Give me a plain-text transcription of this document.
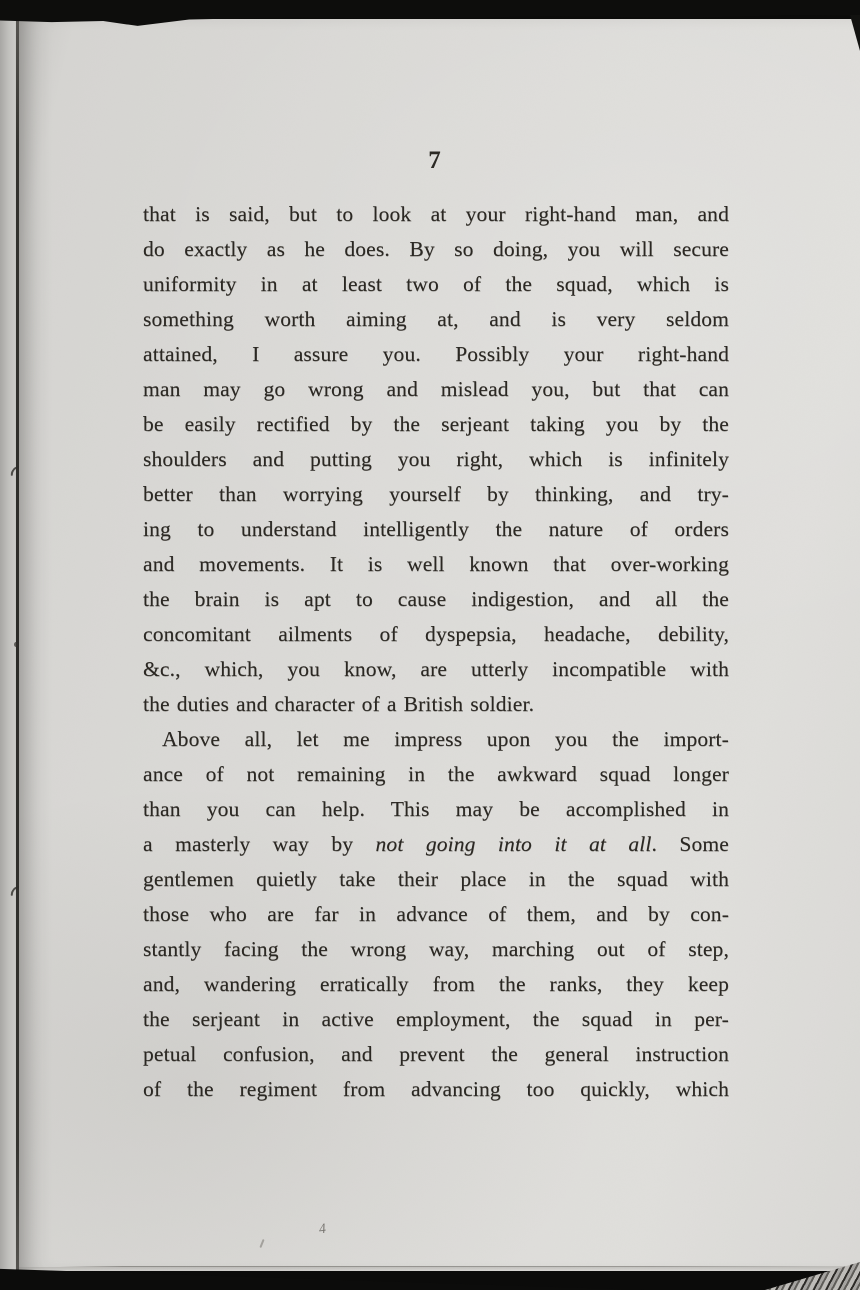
7
that is said, but to look at your right-hand man, and
do exactly as he does. By so doing, you will secure
uniformity in at least two of the squad, which is
something worth aiming at, and is very seldom
attained, I assure you. Possibly your right-hand
man may go wrong and mislead you, but that can
be easily rectified by the serjeant taking you by the
shoulders and putting you right, which is infinitely
better than worrying yourself by thinking, and try-
ing to understand intelligently the nature of orders
and movements. It is well known that over-working
the brain is apt to cause indigestion, and all the
concomitant ailments of dyspepsia, headache, debility,
&c., which, you know, are utterly incompatible with
the duties and character of a British soldier.
Above all, let me impress upon you the import-
ance of not remaining in the awkward squad longer
than you can help. This may be accomplished in
a masterly way by not going into it at all. Some
gentlemen quietly take their place in the squad with
those who are far in advance of them, and by con-
stantly facing the wrong way, marching out of step,
and, wandering erratically from the ranks, they keep
the serjeant in active employment, the squad in per-
petual confusion, and prevent the general instruction
of the regiment from advancing too quickly, which
4
